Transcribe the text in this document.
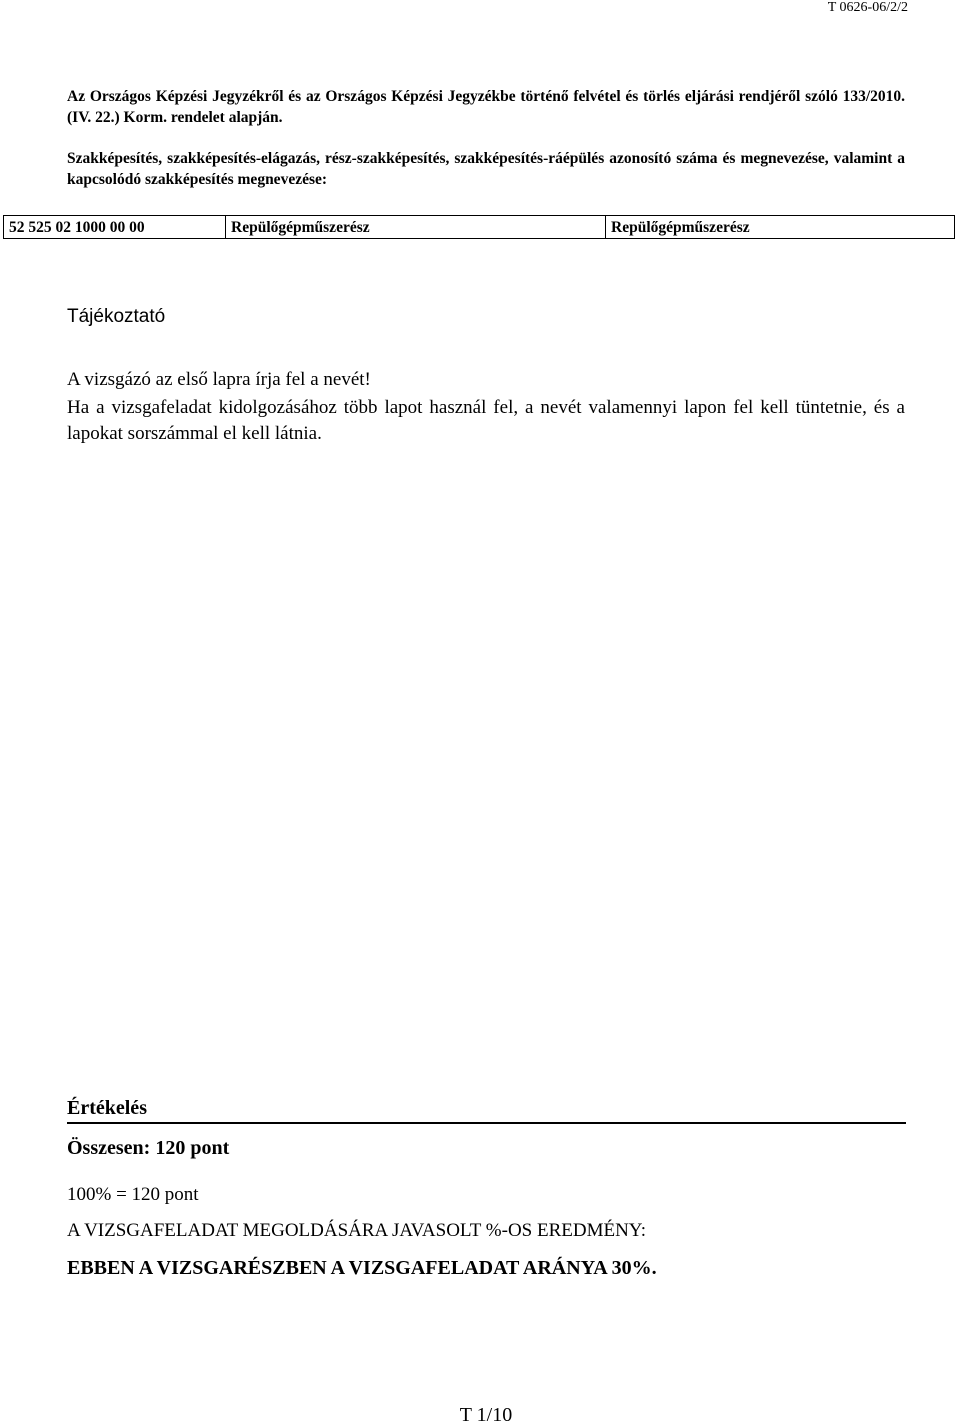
T 0626-06/2/2
Az Országos Képzési Jegyzékről és az Országos Képzési Jegyzékbe történő felvétel és törlés eljárási rendjéről szóló 133/2010. (IV. 22.) Korm. rendelet alapján.
Szakképesítés, szakképesítés-elágazás, rész-szakképesítés, szakképesítés-ráépülés azonosító száma és megnevezése, valamint a kapcsolódó szakképesítés megnevezése:
52 525 02 1000 00 00	Repülőgépműszerész	Repülőgépműszerész
Tájékoztató
A vizsgázó az első lapra írja fel a nevét!
Ha a vizsgafeladat kidolgozásához több lapot használ fel, a nevét valamennyi lapon fel kell tüntetnie, és a lapokat sorszámmal el kell látnia.
Értékelés
Összesen: 120 pont
100% = 120 pont
A VIZSGAFELADAT MEGOLDÁSÁRA JAVASOLT %-OS EREDMÉNY:
EBBEN A VIZSGARÉSZBEN A VIZSGAFELADAT ARÁNYA 30%.
T 1/10
